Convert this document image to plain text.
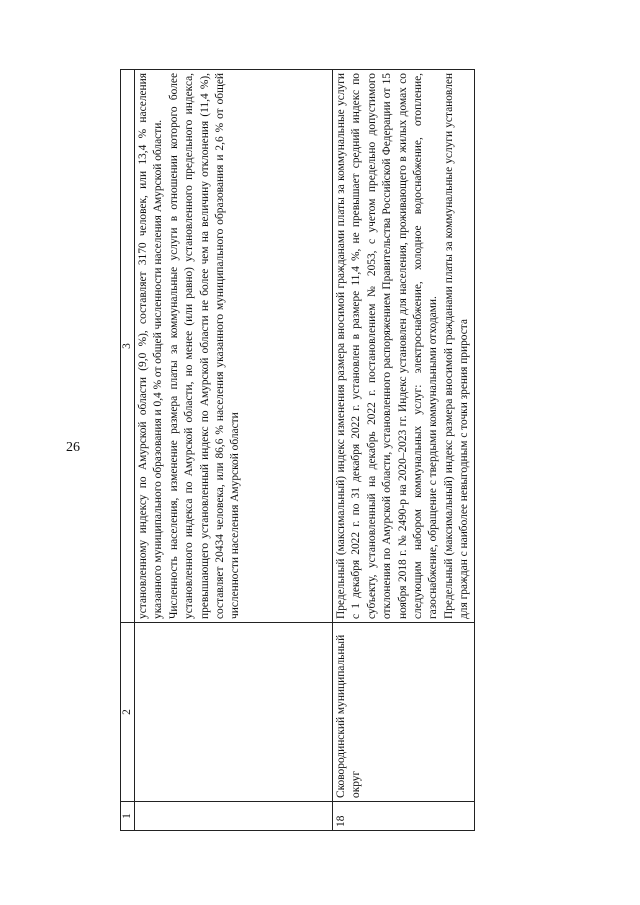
26
1	2	3

		установленному индексу по Амурской области (9,0 %), составляет 3170 человек, или 13,4 % населения указанного муниципального образования и 0,4 % от общей численности населения Амурской области. Численность населения, изменение размера платы за коммунальные услуги в отношении которого более установленного индекса по Амурской области, но менее (или равно) установленного предельного индекса, превышающего установленный индекс по Амурской области не более чем на величину отклонения (11,4 %), составляет 20434 человека, или 86,6 % населения указанного муниципального образования и 2,6 % от общей численности населения Амурской области

18	Сковородинский муниципальный округ	Предельный (максимальный) индекс изменения размера вносимой гражданами платы за коммунальные услуги с 1 декабря 2022 г. по 31 декабря 2022 г. установлен в размере 11,4 %, не превышает средний индекс по субъекту, установленный на декабрь 2022 г. постановлением № 2053, с учетом предельно допустимого отклонения по Амурской области, установленного распоряжением Правительства Российской Федерации от 15 ноября 2018 г. № 2490-р на 2020–2023 гг. Индекс установлен для населения, проживающего в жилых домах со следующим набором коммунальных услуг: электроснабжение, холодное водоснабжение, отопление, газоснабжение, обращение с твердыми коммунальными отходами. Предельный (максимальный) индекс размера вносимой гражданами платы за коммунальные услуги установлен для граждан с наиболее невыгодным с точки зрения прироста
